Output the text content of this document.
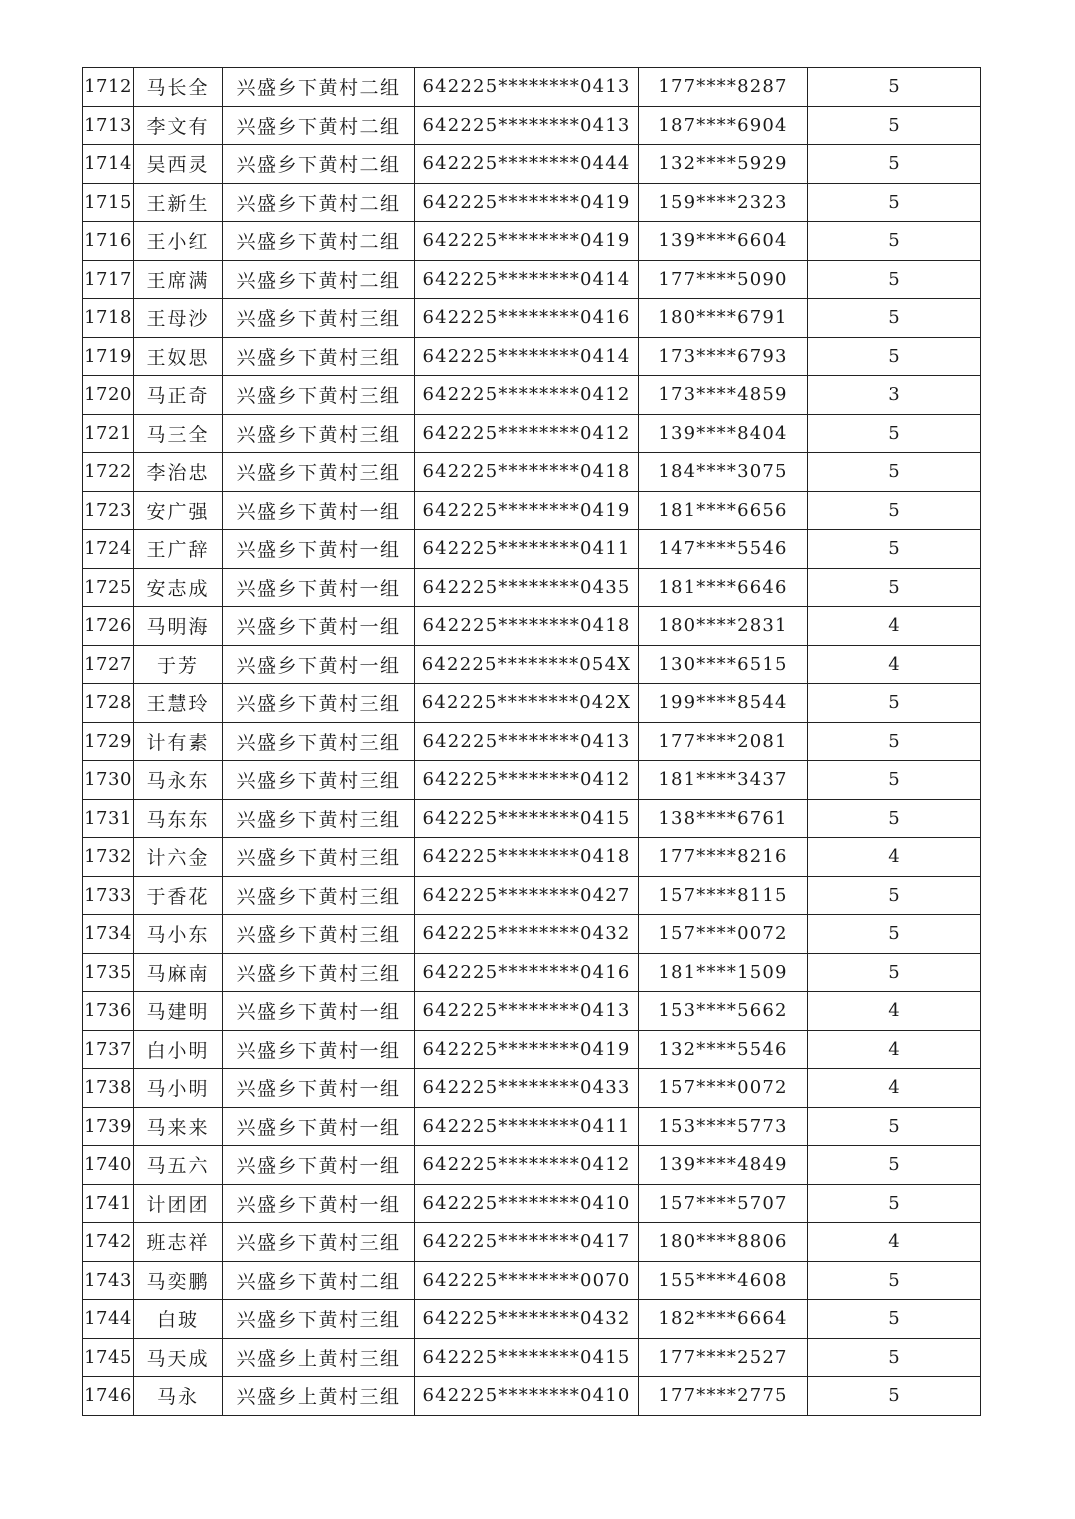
1712	马长全	兴盛乡下黄村二组	642225********0413	177****8287	5
1713	李文有	兴盛乡下黄村二组	642225********0413	187****6904	5
1714	吴西灵	兴盛乡下黄村二组	642225********0444	132****5929	5
1715	王新生	兴盛乡下黄村二组	642225********0419	159****2323	5
1716	王小红	兴盛乡下黄村二组	642225********0419	139****6604	5
1717	王席满	兴盛乡下黄村二组	642225********0414	177****5090	5
1718	王母沙	兴盛乡下黄村三组	642225********0416	180****6791	5
1719	王奴思	兴盛乡下黄村三组	642225********0414	173****6793	5
1720	马正奇	兴盛乡下黄村三组	642225********0412	173****4859	3
1721	马三全	兴盛乡下黄村三组	642225********0412	139****8404	5
1722	李治忠	兴盛乡下黄村三组	642225********0418	184****3075	5
1723	安广强	兴盛乡下黄村一组	642225********0419	181****6656	5
1724	王广辞	兴盛乡下黄村一组	642225********0411	147****5546	5
1725	安志成	兴盛乡下黄村一组	642225********0435	181****6646	5
1726	马明海	兴盛乡下黄村一组	642225********0418	180****2831	4
1727	于芳	兴盛乡下黄村一组	642225********054X	130****6515	4
1728	王慧玲	兴盛乡下黄村三组	642225********042X	199****8544	5
1729	计有素	兴盛乡下黄村三组	642225********0413	177****2081	5
1730	马永东	兴盛乡下黄村三组	642225********0412	181****3437	5
1731	马东东	兴盛乡下黄村三组	642225********0415	138****6761	5
1732	计六金	兴盛乡下黄村三组	642225********0418	177****8216	4
1733	于香花	兴盛乡下黄村三组	642225********0427	157****8115	5
1734	马小东	兴盛乡下黄村三组	642225********0432	157****0072	5
1735	马麻南	兴盛乡下黄村三组	642225********0416	181****1509	5
1736	马建明	兴盛乡下黄村一组	642225********0413	153****5662	4
1737	白小明	兴盛乡下黄村一组	642225********0419	132****5546	4
1738	马小明	兴盛乡下黄村一组	642225********0433	157****0072	4
1739	马来来	兴盛乡下黄村一组	642225********0411	153****5773	5
1740	马五六	兴盛乡下黄村一组	642225********0412	139****4849	5
1741	计团团	兴盛乡下黄村一组	642225********0410	157****5707	5
1742	班志祥	兴盛乡下黄村三组	642225********0417	180****8806	4
1743	马奕鹏	兴盛乡下黄村二组	642225********0070	155****4608	5
1744	白玻	兴盛乡下黄村三组	642225********0432	182****6664	5
1745	马天成	兴盛乡上黄村三组	642225********0415	177****2527	5
1746	马永	兴盛乡上黄村三组	642225********0410	177****2775	5
